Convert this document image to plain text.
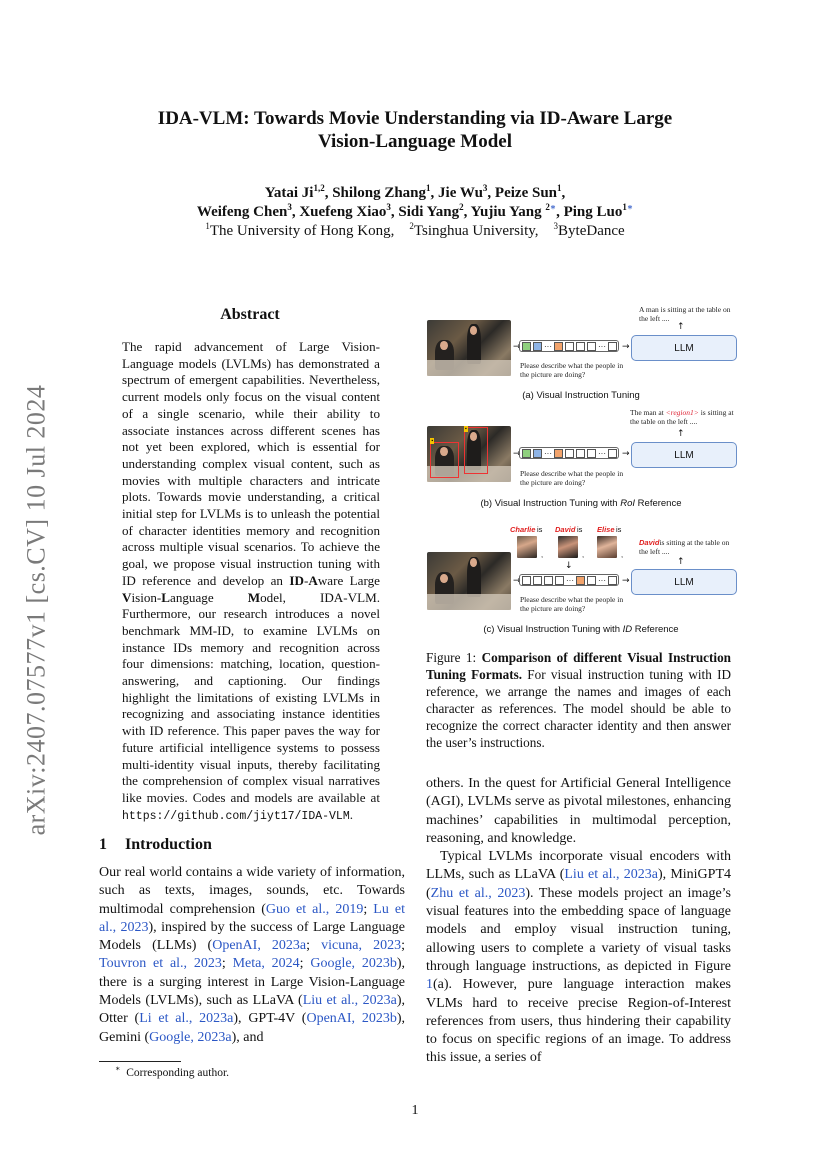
arXiv:2407.07577v1 [cs.CV] 10 Jul 2024
IDA-VLM: Towards Movie Understanding via ID-Aware Large
Vision-Language Model
Yatai Ji$^{1,2}$, Shilong Zhang$^1$, Jie Wu$^3$, Peize Sun$^1$,
Weifeng Chen$^3$, Xuefeng Xiao$^3$, Sidi Yang$^2$, Yujiu Yang $^{2∗}$, Ping Luo$^{1∗}$
$^1$The University of Hong Kong, $^2$Tsinghua University, $^3$ByteDance
Abstract
The rapid advancement of Large Vision-Language models (LVLMs) has demonstrated a spectrum of emergent capabilities. Nevertheless, current models only focus on the visual content of a single scenario, while their ability to associate instances across different scenes has not yet been explored, which is essential for understanding complex visual content, such as movies with multiple characters and intricate plots. Towards movie understanding, a critical initial step for LVLMs is to unleash the potential of character identities memory and recognition across multiple visual scenarios. To achieve the goal, we propose visual instruction tuning with ID reference and develop an ID-Aware Large Vision-Language Model, IDA-VLM. Furthermore, our research introduces a novel benchmark MM-ID, to examine LVLMs on instance IDs memory and recognition across four dimensions: matching, location, question-answering, and captioning. Our findings highlight the limitations of existing LVLMs in recognizing and associating instance identities with ID reference. This paper paves the way for future artificial intelligence systems to possess multi-identity visual inputs, thereby facilitating the comprehension of complex visual narratives like movies. Codes and models are available at https://github.com/jiyt17/IDA-VLM.
1 Introduction

Our real world contains a wide variety of information, such as texts, images, sounds, etc. Towards multimodal comprehension (Guo et al., 2019; Lu et al., 2023), inspired by the success of Large Language Models (LLMs) (OpenAI, 2023a; vicuna, 2023; Touvron et al., 2023; Meta, 2024; Google, 2023b), there is a surging interest in Large Vision-Language Models (LVLMs), such as LLaVA (Liu et al., 2023a), Otter (Li et al., 2023a), GPT-4V (OpenAI, 2023b), Gemini (Google, 2023a), and

∗ Corresponding author.
A man is sitting at the table on the left ....
↑
→	···	··· →	LLM
Please describe what the people in the picture are doing?
(a) Visual Instruction Tuning
The man at <region1> is sitting at the table on the left ....
↑
▪
▪
→	···	··· →	LLM
Please describe what the people in the picture are doing?
(b) Visual Instruction Tuning with RoI Reference
Charlie is David is Elise is
,	,	,
Davidis sitting at the table on the left ....
↑
↓
→	···	··· →	LLM
Please describe what the people in the picture are doing?
(c) Visual Instruction Tuning with ID Reference
Figure 1: Comparison of different Visual Instruction Tuning Formats. For visual instruction tuning with ID reference, we arrange the names and images of each character as references. The model should be able to recognize the correct character identity and then answer the user’s instructions.

others. In the quest for Artificial General Intelligence (AGI), LVLMs serve as pivotal milestones, enhancing machines’ capabilities in multimodal perception, reasoning, and knowledge.

Typical LVLMs incorporate visual encoders with LLMs, such as LLaVA (Liu et al., 2023a), MiniGPT4 (Zhu et al., 2023). These models project an image’s visual features into the embedding space of language models and employ visual instruction tuning, allowing users to complete a variety of visual tasks through language instructions, as depicted in Figure 1(a). However, pure language interaction makes VLMs hard to receive precise Region-of-Interest references from users, thus hindering their capability to focus on specific regions of an image. To address this issue, a series of

1
